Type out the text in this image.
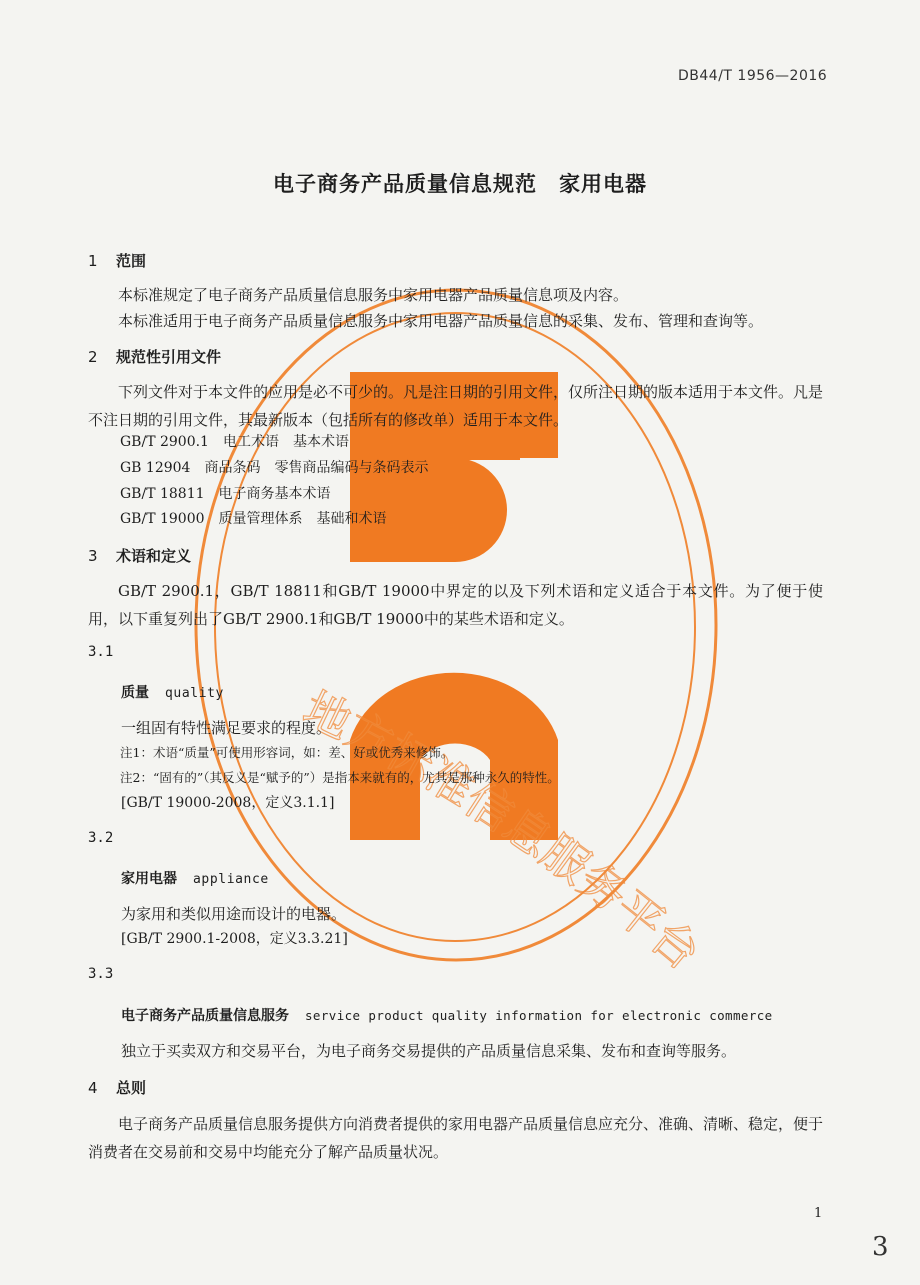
地方标准信息服务平台
DB44/T 1956—2016
电子商务产品质量信息规范　家用电器
1 范围
本标准规定了电子商务产品质量信息服务中家用电器产品质量信息项及内容。
本标准适用于电子商务产品质量信息服务中家用电器产品质量信息的采集、发布、管理和查询等。
2 规范性引用文件
下列文件对于本文件的应用是必不可少的。凡是注日期的引用文件，仅所注日期的版本适用于本文件。凡是不注日期的引用文件，其最新版本（包括所有的修改单）适用于本文件。
GB/T 2900.1　电工术语　基本术语
GB 12904　商品条码　零售商品编码与条码表示
GB/T 18811　电子商务基本术语
GB/T 19000　质量管理体系　基础和术语
3 术语和定义
GB/T 2900.1，GB/T 18811和GB/T 19000中界定的以及下列术语和定义适合于本文件。为了便于使用，以下重复列出了GB/T 2900.1和GB/T 19000中的某些术语和定义。
3.1
质量 quality
一组固有特性满足要求的程度。
注1：术语“质量”可使用形容词，如：差、好或优秀来修饰。
注2：“固有的”（其反义是“赋予的”）是指本来就有的，尤其是那种永久的特性。
[GB/T 19000-2008，定义3.1.1]
3.2
家用电器 appliance
为家用和类似用途而设计的电器。
[GB/T 2900.1-2008，定义3.3.21]
3.3
电子商务产品质量信息服务 service product quality information for electronic commerce
独立于买卖双方和交易平台，为电子商务交易提供的产品质量信息采集、发布和查询等服务。
4 总则
电子商务产品质量信息服务提供方向消费者提供的家用电器产品质量信息应充分、准确、清晰、稳定，便于消费者在交易前和交易中均能充分了解产品质量状况。
1
3
